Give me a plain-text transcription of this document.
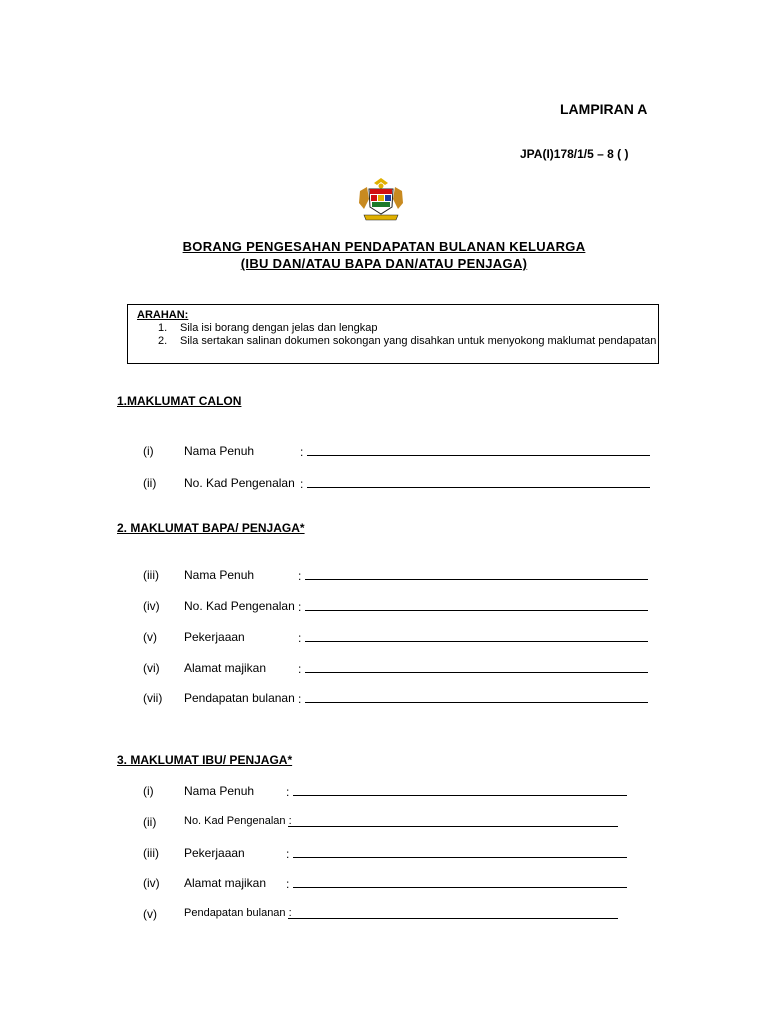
LAMPIRAN A
JPA(I)178/1/5 – 8 ( )
BORANG PENGESAHAN PENDAPATAN BULANAN KELUARGA
(IBU DAN/ATAU BAPA DAN/ATAU PENJAGA)
ARAHAN:
1. Sila isi borang dengan jelas dan lengkap
2. Sila sertakan salinan dokumen sokongan yang disahkan untuk menyokong maklumat pendapatan
1.MAKLUMAT CALON
(i)	Nama Penuh	:
(ii) No. Kad Pengenalan :
2. MAKLUMAT BAPA/ PENJAGA*
(iii) Nama Penuh	:
(iv) No. Kad Pengenalan :
(v) Pekerjaaan	:
(vi) Alamat majikan	:
(vii) Pendapatan bulanan :
3. MAKLUMAT IBU/ PENJAGA*
(i)	Nama Penuh	:
(ii)	No. Kad Pengenalan :
(iii) Pekerjaaan	:
(iv) Alamat majikan :
(v) Pendapatan bulanan :
